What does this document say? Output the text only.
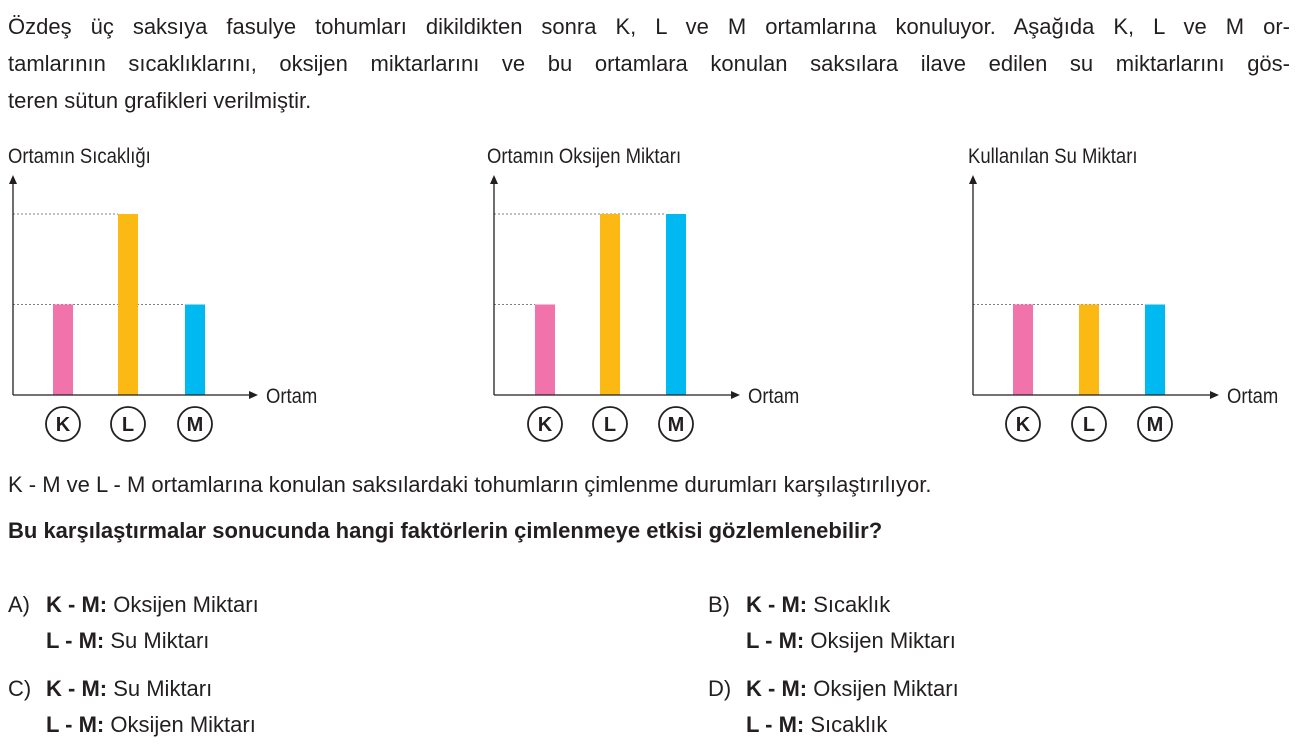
Özdeş üç saksıya fasulye tohumları dikildikten sonra K, L ve M ortamlarına konuluyor. Aşağıda K, L ve M or-
tamlarının sıcaklıklarını, oksijen miktarlarını ve bu ortamlara konulan saksılara ilave edilen su miktarlarını gös-
teren sütun grafikleri verilmiştir.
Ortamın Sıcaklığı	Ortamın Oksijen Miktarı	Kullanılan Su Miktarı
Ortam
K	L	M
Ortam
K	L	M
Ortam
K	L	M
K - M ve L - M ortamlarına konulan saksılardaki tohumların çimlenme durumları karşılaştırılıyor.
Bu karşılaştırmalar sonucunda hangi faktörlerin çimlenmeye etkisi gözlemlenebilir?
A) K - M: Oksijen Miktarı
L - M: Su Miktarı
B) K - M: Sıcaklık
L - M: Oksijen Miktarı
C) K - M: Su Miktarı
L - M: Oksijen Miktarı
D) K - M: Oksijen Miktarı
L - M: Sıcaklık
